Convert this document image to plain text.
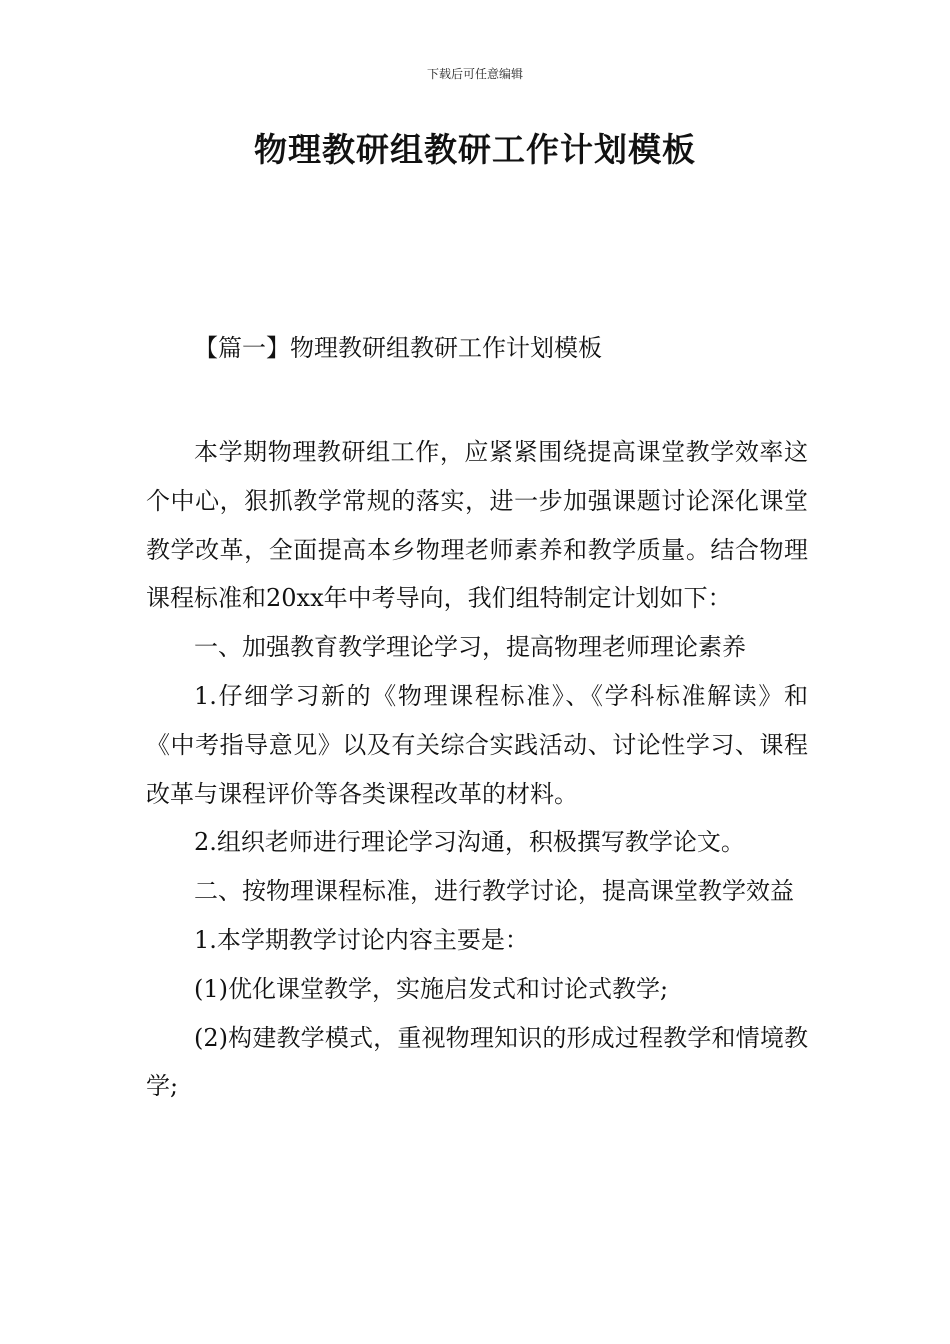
下载后可任意编辑
物理教研组教研工作计划模板
【篇一】物理教研组教研工作计划模板

本学期物理教研组工作，应紧紧围绕提高课堂教学效率这个中心，狠抓教学常规的落实，进一步加强课题讨论深化课堂教学改革，全面提高本乡物理老师素养和教学质量。结合物理课程标准和20xx年中考导向，我们组特制定计划如下：

一、加强教育教学理论学习，提高物理老师理论素养

1.仔细学习新的《物理课程标准》、《学科标准解读》和《中考指导意见》以及有关综合实践活动、讨论性学习、课程改革与课程评价等各类课程改革的材料。

2.组织老师进行理论学习沟通，积极撰写教学论文。

二、按物理课程标准，进行教学讨论，提高课堂教学效益

1.本学期教学讨论内容主要是：

(1)优化课堂教学，实施启发式和讨论式教学;

(2)构建教学模式，重视物理知识的形成过程教学和情境教学;
